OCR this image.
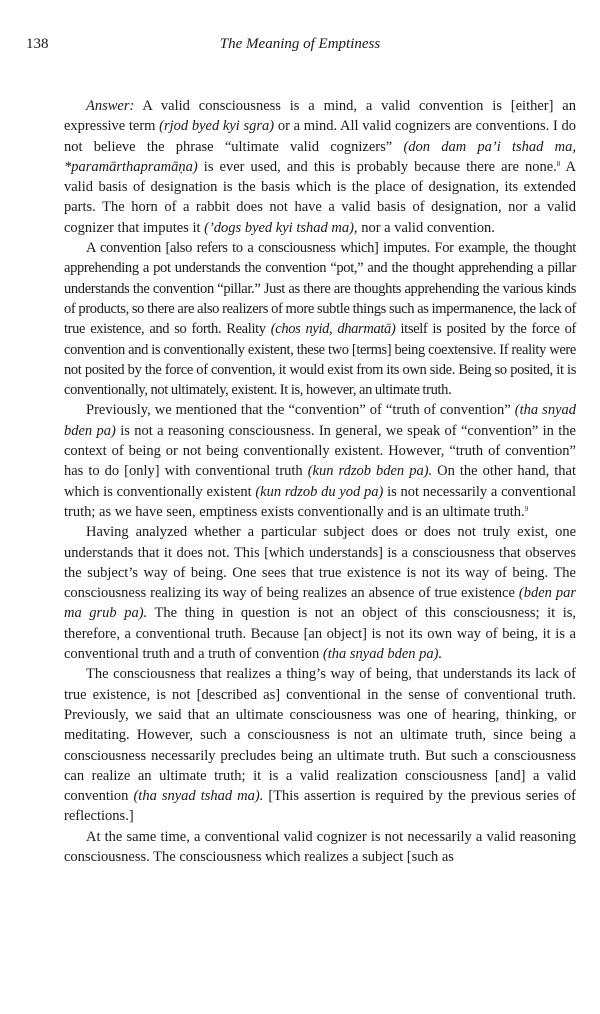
138	The Meaning of Emptiness

Answer: A valid consciousness is a mind, a valid convention is [either] an expressive term (rjod byed kyi sgra) or a mind. All valid cognizers are conventions. I do not believe the phrase “ultimate valid cognizers” (don dam pa’i tshad ma, *paramārthapramāṇa) is ever used, and this is probably because there are none.$^8$ A valid basis of designation is the basis which is the place of designation, its extended parts. The horn of a rabbit does not have a valid basis of designation, nor a valid cognizer that imputes it (’dogs byed kyi tshad ma), nor a valid convention.

A convention [also refers to a consciousness which] imputes. For example, the thought apprehending a pot understands the convention “pot,” and the thought apprehending a pillar understands the convention “pillar.” Just as there are thoughts apprehending the various kinds of products, so there are also realizers of more subtle things such as impermanence, the lack of true existence, and so forth. Reality (chos nyid, dharmatā) itself is posited by the force of convention and is conventionally existent, these two [terms] being coextensive. If reality were not posited by the force of convention, it would exist from its own side. Being so posited, it is conventionally, not ultimately, existent. It is, however, an ultimate truth.

Previously, we mentioned that the “convention” of “truth of convention” (tha snyad bden pa) is not a reasoning consciousness. In general, we speak of “convention” in the context of being or not being conventionally existent. However, “truth of convention” has to do [only] with conventional truth (kun rdzob bden pa). On the other hand, that which is conventionally existent (kun rdzob du yod pa) is not necessarily a conventional truth; as we have seen, emptiness exists conventionally and is an ultimate truth.$^9$

Having analyzed whether a particular subject does or does not truly exist, one understands that it does not. This [which understands] is a consciousness that observes the subject’s way of being. One sees that true existence is not its way of being. The consciousness realizing its way of being realizes an absence of true existence (bden par ma grub pa). The thing in question is not an object of this consciousness; it is, therefore, a conventional truth. Because [an object] is not its own way of being, it is a conventional truth and a truth of convention (tha snyad bden pa).

The consciousness that realizes a thing’s way of being, that understands its lack of true existence, is not [described as] conventional in the sense of conventional truth. Previously, we said that an ultimate consciousness was one of hearing, thinking, or meditating. However, such a consciousness is not an ultimate truth, since being a consciousness necessarily precludes being an ultimate truth. But such a consciousness can realize an ultimate truth; it is a valid realization consciousness [and] a valid convention (tha snyad tshad ma). [This assertion is required by the previous series of reflections.]

At the same time, a conventional valid cognizer is not necessarily a valid reasoning consciousness. The consciousness which realizes a subject [such as
